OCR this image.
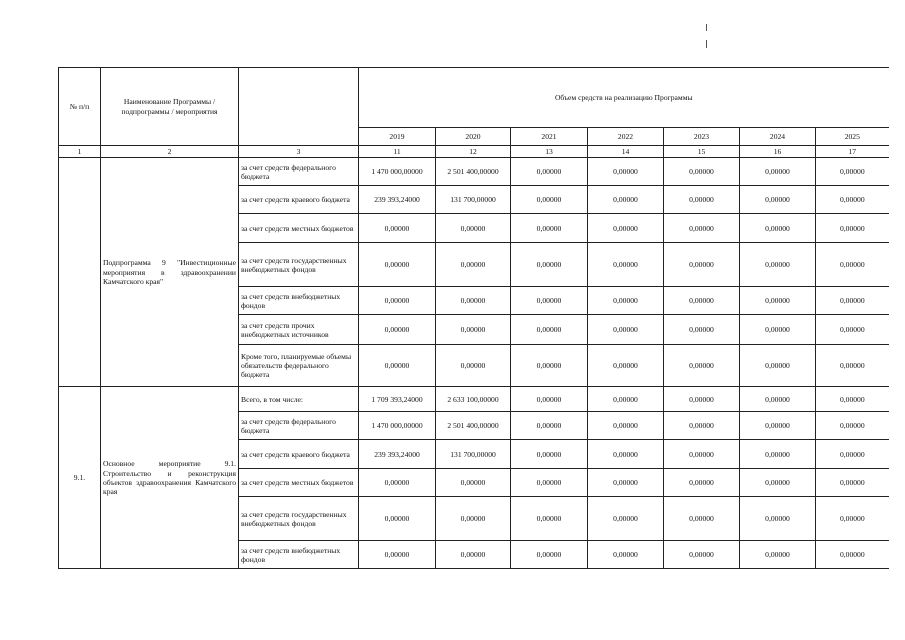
№ п/п	Наименование Программы / подпрограммы / мероприятия		Объем средств на реализацию Программы						
			2019	2020	2021	2022	2023	2024	2025
1	2	3	11	12	13	14	15	16	17
	Подпрограмма 9 "Инвестиционные мероприятия в здравоохранении Камчатского края"	за счет средств федерального бюджета	1 470 000,00000	2 501 400,00000	0,00000	0,00000	0,00000	0,00000	0,00000
		за счет средств краевого бюджета	239 393,24000	131 700,00000	0,00000	0,00000	0,00000	0,00000	0,00000
		за счет средств местных бюджетов	0,00000	0,00000	0,00000	0,00000	0,00000	0,00000	0,00000
		за счет средств государственных внебюджетных фондов	0,00000	0,00000	0,00000	0,00000	0,00000	0,00000	0,00000
		за счет средств внебюджетных фондов	0,00000	0,00000	0,00000	0,00000	0,00000	0,00000	0,00000
		за счет средств прочих внебюджетных источников	0,00000	0,00000	0,00000	0,00000	0,00000	0,00000	0,00000
		Кроме того, планируемые объемы обязательств федерального бюджета	0,00000	0,00000	0,00000	0,00000	0,00000	0,00000	0,00000
9.1.	Основное мероприятие 9.1. Строительство и реконструкция объектов здравоохранения Камчатского края	Всего, в том числе:	1 709 393,24000	2 633 100,00000	0,00000	0,00000	0,00000	0,00000	0,00000
		за счет средств федерального бюджета	1 470 000,00000	2 501 400,00000	0,00000	0,00000	0,00000	0,00000	0,00000
		за счет средств краевого бюджета	239 393,24000	131 700,00000	0,00000	0,00000	0,00000	0,00000	0,00000
		за счет средств местных бюджетов	0,00000	0,00000	0,00000	0,00000	0,00000	0,00000	0,00000
		за счет средств государственных внебюджетных фондов	0,00000	0,00000	0,00000	0,00000	0,00000	0,00000	0,00000
		за счет средств внебюджетных фондов	0,00000	0,00000	0,00000	0,00000	0,00000	0,00000	0,00000
